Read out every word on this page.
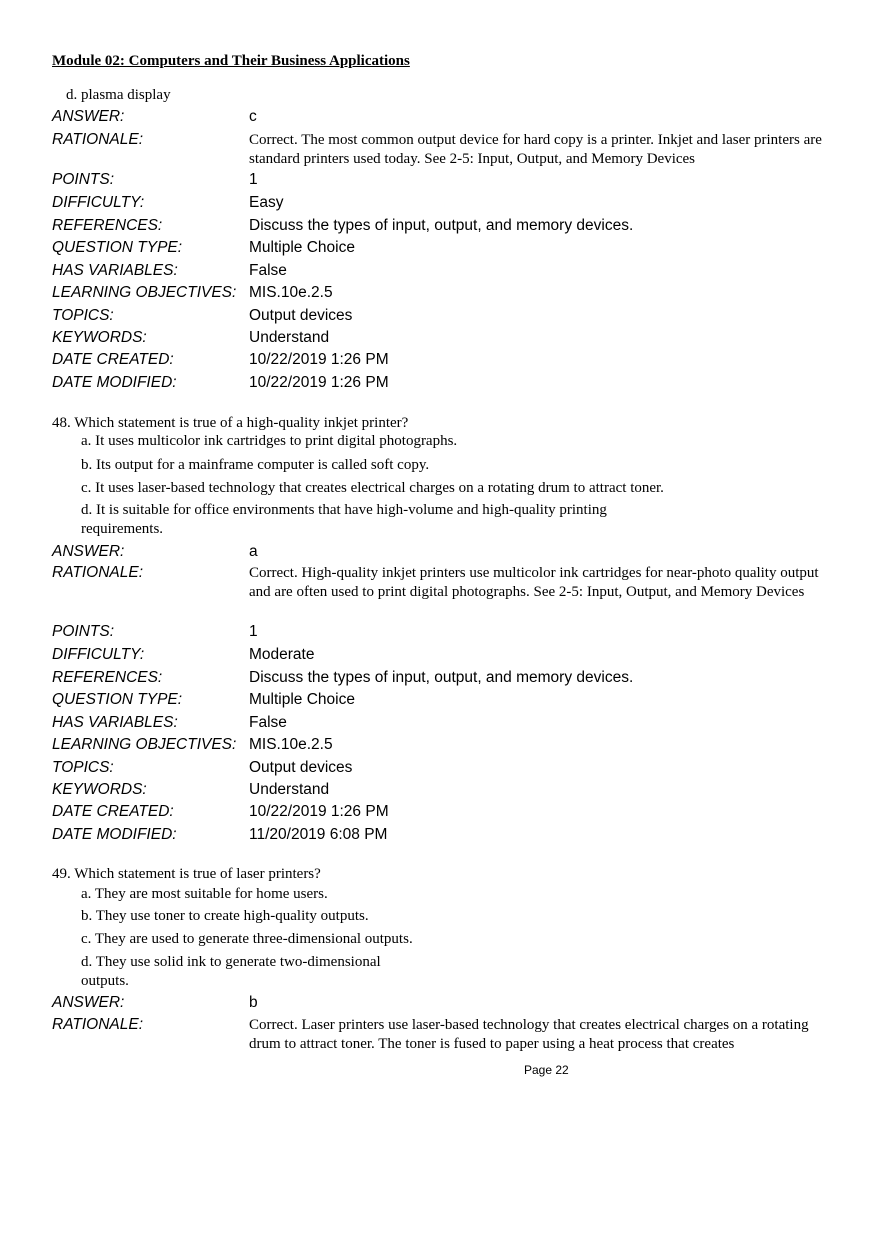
Module 02: Computers and Their Business Applications
d. plasma display
ANSWER:	c
RATIONALE:	Correct. The most common output device for hard copy is a printer. Inkjet and laser printers are standard printers used today. See 2-5: Input, Output, and Memory Devices
POINTS:	1
DIFFICULTY:	Easy
REFERENCES:	Discuss the types of input, output, and memory devices.
QUESTION TYPE:	Multiple Choice
HAS VARIABLES:	False
LEARNING OBJECTIVES: MIS.10e.2.5
TOPICS:	Output devices
KEYWORDS:	Understand
DATE CREATED:	10/22/2019 1:26 PM
DATE MODIFIED:	10/22/2019 1:26 PM
48. Which statement is true of a high-quality inkjet printer?
a. It uses multicolor ink cartridges to print digital photographs.
b. Its output for a mainframe computer is called soft copy.
c. It uses laser-based technology that creates electrical charges on a rotating drum to attract toner.
d. It is suitable for office environments that have high-volume and high-quality printing requirements.
ANSWER:	a
RATIONALE:	Correct. High-quality inkjet printers use multicolor ink cartridges for near-photo quality output and are often used to print digital photographs. See 2-5: Input, Output, and Memory Devices
POINTS:	1
DIFFICULTY:	Moderate
REFERENCES:	Discuss the types of input, output, and memory devices.
QUESTION TYPE:	Multiple Choice
HAS VARIABLES:	False
LEARNING OBJECTIVES: MIS.10e.2.5
TOPICS:	Output devices
KEYWORDS:	Understand
DATE CREATED:	10/22/2019 1:26 PM
DATE MODIFIED:	11/20/2019 6:08 PM
49. Which statement is true of laser printers?
a. They are most suitable for home users.
b. They use toner to create high-quality outputs.
c. They are used to generate three-dimensional outputs.
d. They use solid ink to generate two-dimensional outputs.
ANSWER:	b
RATIONALE:	Correct. Laser printers use laser-based technology that creates electrical charges on a rotating drum to attract toner. The toner is fused to paper using a heat process that creates
Page 22
